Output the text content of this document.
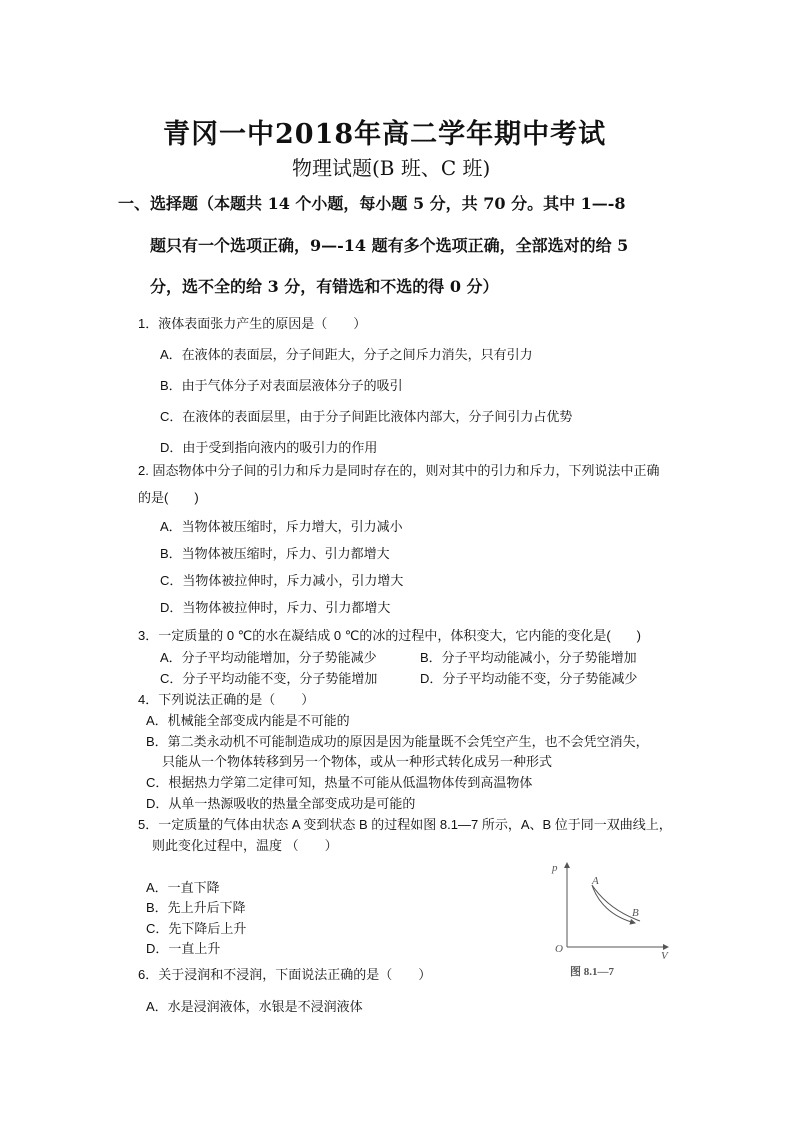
青冈一中2018年高二学年期中考试
物理试题(B 班、C 班)
一、选择题（本题共 14 个小题，每小题 5 分，共 70 分。其中 1—-8
题只有一个选项正确，9—-14 题有多个选项正确，全部选对的给 5
分，选不全的给 3 分，有错选和不选的得 0 分）
1．液体表面张力产生的原因是（　　）
A．在液体的表面层，分子间距大，分子之间斥力消失，只有引力
B．由于气体分子对表面层液体分子的吸引
C．在液体的表面层里，由于分子间距比液体内部大，分子间引力占优势
D．由于受到指向液内的吸引力的作用
2. 固态物体中分子间的引力和斥力是同时存在的，则对其中的引力和斥力，下列说法中正确
的是(　　)
A．当物体被压缩时，斥力增大，引力减小
B．当物体被压缩时，斥力、引力都增大
C．当物体被拉伸时，斥力减小，引力增大
D．当物体被拉伸时，斥力、引力都增大
3．一定质量的 0 ℃的水在凝结成 0 ℃的冰的过程中，体积变大，它内能的变化是(　　)
A．分子平均动能增加，分子势能减少	B．分子平均动能减小，分子势能增加
C．分子平均动能不变，分子势能增加	D．分子平均动能不变，分子势能减少
4．下列说法正确的是（　　）
A．机械能全部变成内能是不可能的
B．第二类永动机不可能制造成功的原因是因为能量既不会凭空产生，也不会凭空消失，
只能从一个物体转移到另一个物体，或从一种形式转化成另一种形式
C．根据热力学第二定律可知，热量不可能从低温物体传到高温物体
D．从单一热源吸收的热量全部变成功是可能的
5．一定质量的气体由状态 A 变到状态 B 的过程如图 8.1—7 所示，A、B 位于同一双曲线上，
则此变化过程中，温度 （　　）
A．一直下降
B．先上升后下降
C．先下降后上升
D．一直上升
p
V
O
A
B
图 8.1—7
6．关于浸润和不浸润，下面说法正确的是（　　）
A．水是浸润液体，水银是不浸润液体
